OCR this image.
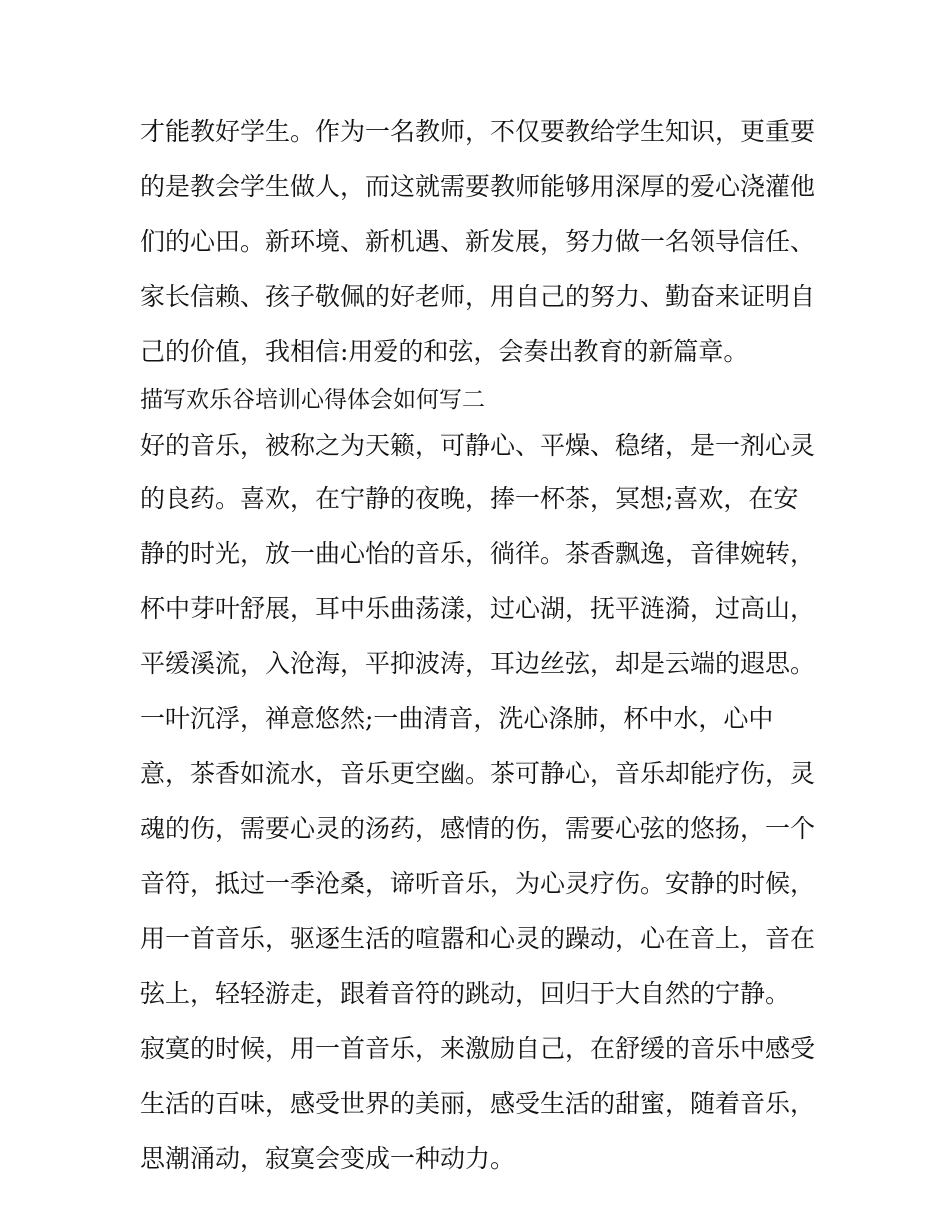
才能教好学生。作为一名教师，不仅要教给学生知识，更重要
的是教会学生做人，而这就需要教师能够用深厚的爱心浇灌他
们的心田。新环境、新机遇、新发展，努力做一名领导信任、
家长信赖、孩子敬佩的好老师，用自己的努力、勤奋来证明自
己的价值，我相信:用爱的和弦，会奏出教育的新篇章。
描写欢乐谷培训心得体会如何写二
好的音乐，被称之为天籁，可静心、平燥、稳绪，是一剂心灵
的良药。喜欢，在宁静的夜晚，捧一杯茶，冥想;喜欢，在安
静的时光，放一曲心怡的音乐，徜徉。茶香飘逸，音律婉转，
杯中芽叶舒展，耳中乐曲荡漾，过心湖，抚平涟漪，过高山，
平缓溪流，入沧海，平抑波涛，耳边丝弦，却是云端的遐思。
一叶沉浮，禅意悠然;一曲清音，洗心涤肺，杯中水，心中
意，茶香如流水，音乐更空幽。茶可静心，音乐却能疗伤，灵
魂的伤，需要心灵的汤药，感情的伤，需要心弦的悠扬，一个
音符，抵过一季沧桑，谛听音乐，为心灵疗伤。安静的时候，
用一首音乐，驱逐生活的喧嚣和心灵的躁动，心在音上，音在
弦上，轻轻游走，跟着音符的跳动，回归于大自然的宁静。
寂寞的时候，用一首音乐，来激励自己，在舒缓的音乐中感受
生活的百味，感受世界的美丽，感受生活的甜蜜，随着音乐，
思潮涌动，寂寞会变成一种动力。
